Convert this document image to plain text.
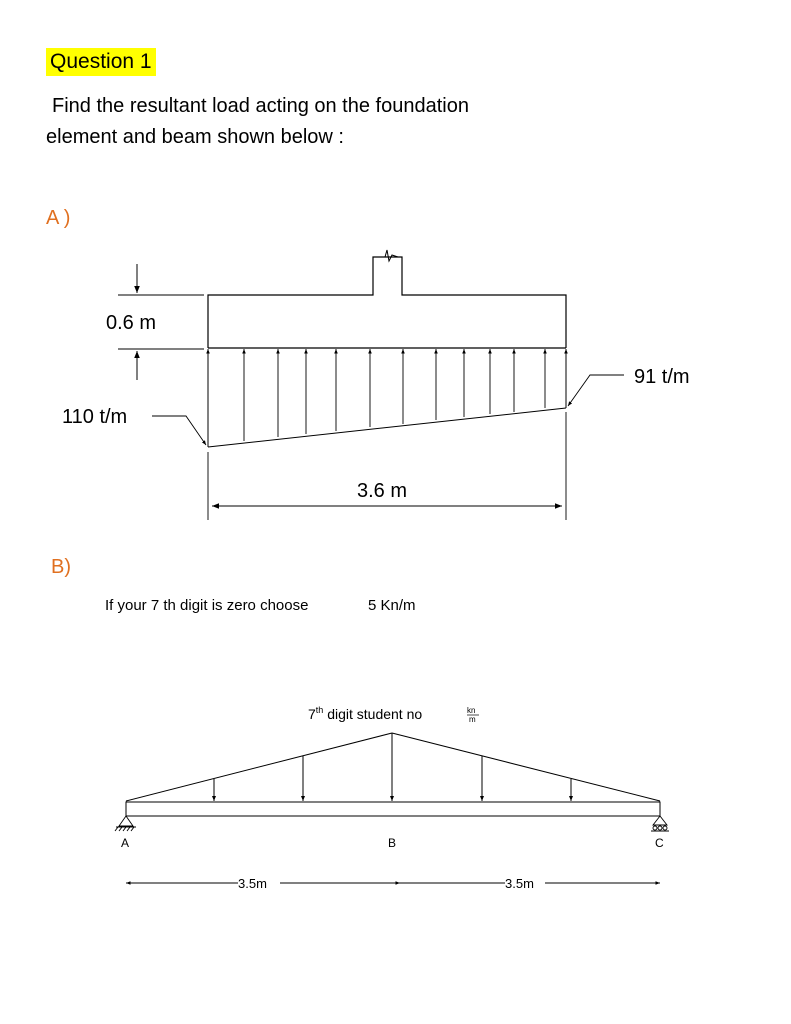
Question 1
Find the resultant load acting on the foundation
element and beam shown below :
A )
B)
If your 7 th digit is zero choose	5 Kn/m
0.6 m
110 t/m
91 t/m
3.6 m
7th digit student no	kn
m
A	B	C
3.5m	3.5m
